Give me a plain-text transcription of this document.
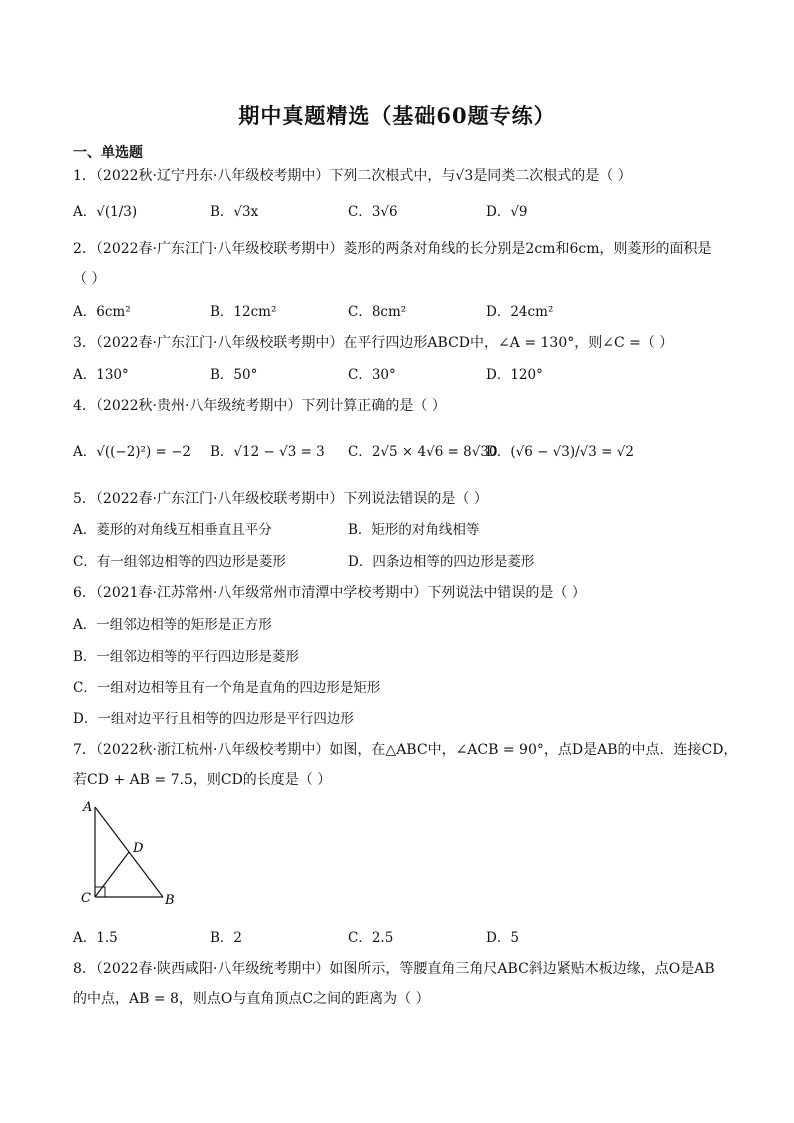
期中真题精选（基础60题专练）
一、单选题
1．（2022秋·辽宁丹东·八年级校考期中）下列二次根式中，与√3是同类二次根式的是（ ）
A．√(1/3)	B．√3x	C．3√6	D．√9
2．（2022春·广东江门·八年级校联考期中）菱形的两条对角线的长分别是2cm和6cm，则菱形的面积是
（ ）
A．6cm²	B．12cm²	C．8cm²	D．24cm²
3．（2022春·广东江门·八年级校联考期中）在平行四边形ABCD中，∠A = 130°，则∠C =（ ）
A．130°	B．50°	C．30°	D．120°
4．（2022秋·贵州·八年级统考期中）下列计算正确的是（ ）
A．√((−2)²) = −2 B．√12 − √3 = 3 C．2√5 × 4√6 = 8√30
D．(√6 − √3)/√3 = √2
5．（2022春·广东江门·八年级校联考期中）下列说法错误的是（ ）
A．菱形的对角线互相垂直且平分	B．矩形的对角线相等
C．有一组邻边相等的四边形是菱形	D．四条边相等的四边形是菱形
6．（2021春·江苏常州·八年级常州市清潭中学校考期中）下列说法中错误的是（ ）
A．一组邻边相等的矩形是正方形
B．一组邻边相等的平行四边形是菱形
C．一组对边相等且有一个角是直角的四边形是矩形
D．一组对边平行且相等的四边形是平行四边形
7．（2022秋·浙江杭州·八年级校考期中）如图，在△ABC中，∠ACB = 90°，点D是AB的中点．连接CD，
若CD + AB = 7.5，则CD的长度是（ ）
A
D
C	B
A．1.5	B．2	C．2.5	D．5
8．（2022春·陕西咸阳·八年级统考期中）如图所示，等腰直角三角尺ABC斜边紧贴木板边缘，点O是AB
的中点，AB = 8，则点O与直角顶点C之间的距离为（ ）
